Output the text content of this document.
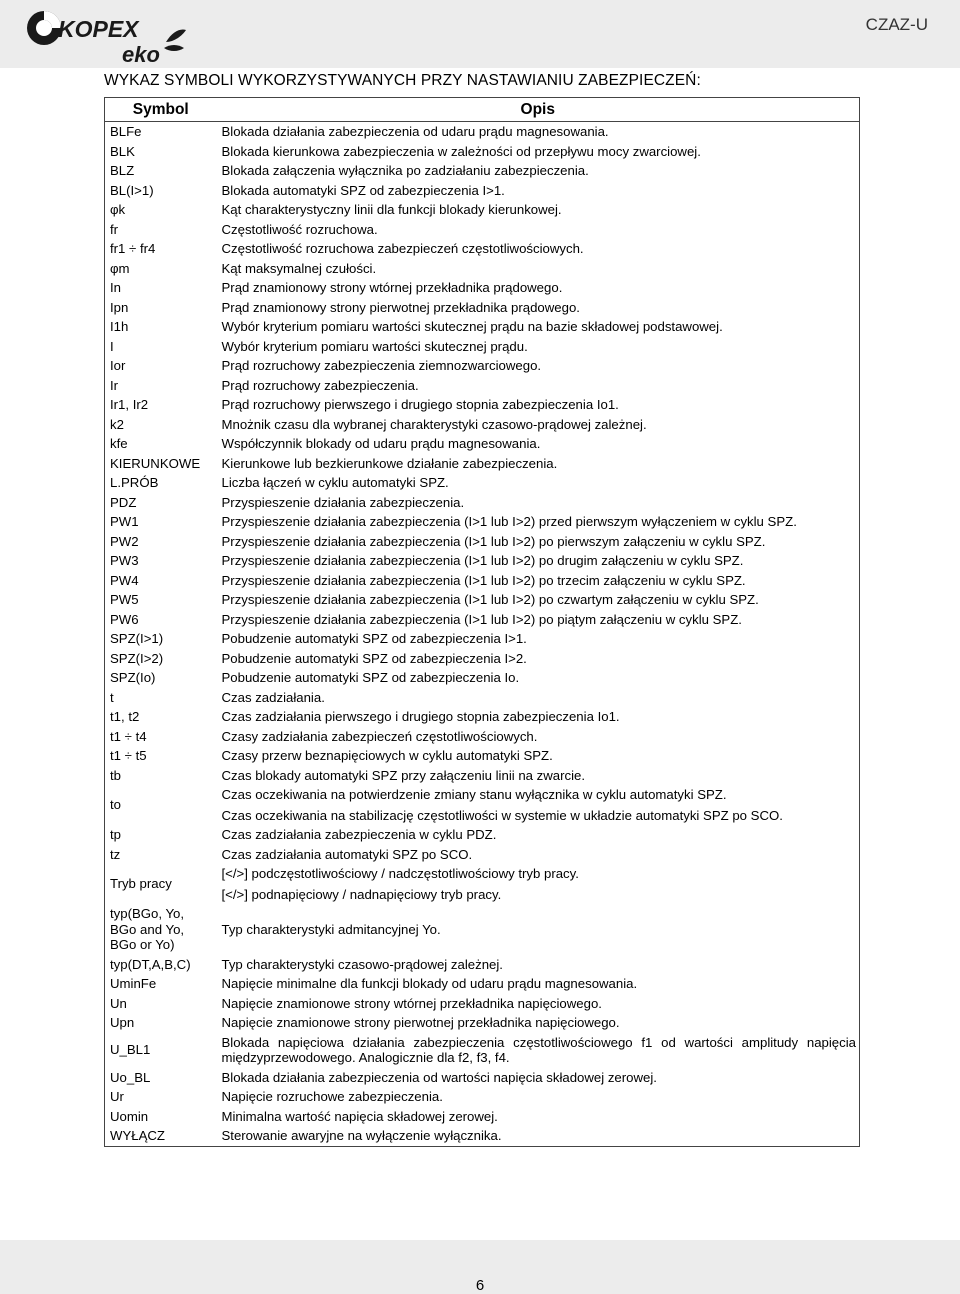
KOPEX
eko
CZAZ-U
WYKAZ SYMBOLI WYKORZYSTYWANYCH PRZY NASTAWIANIU ZABEZPIECZEŃ:
Symbol	Opis
BLFe	Blokada działania zabezpieczenia od udaru prądu magnesowania.

BLK	Blokada kierunkowa zabezpieczenia w zależności od przepływu mocy zwarciowej.

BLZ	Blokada załączenia wyłącznika po zadziałaniu zabezpieczenia.

BL(I>1)	Blokada automatyki SPZ od zabezpieczenia I>1.

φk	Kąt charakterystyczny linii dla funkcji blokady kierunkowej.

fr	Częstotliwość rozruchowa.

fr1 ÷ fr4	Częstotliwość rozruchowa zabezpieczeń częstotliwościowych.

φm	Kąt maksymalnej czułości.

In	Prąd znamionowy strony wtórnej przekładnika prądowego.

Ipn	Prąd znamionowy strony pierwotnej przekładnika prądowego.

I1h	Wybór kryterium pomiaru wartości skutecznej prądu na bazie składowej podstawowej.

I	Wybór kryterium pomiaru wartości skutecznej prądu.

Ior	Prąd rozruchowy zabezpieczenia ziemnozwarciowego.

Ir	Prąd rozruchowy zabezpieczenia.

Ir1, Ir2	Prąd rozruchowy pierwszego i drugiego stopnia zabezpieczenia Io1.

k2	Mnożnik czasu dla wybranej charakterystyki czasowo-prądowej zależnej.

kfe	Współczynnik blokady od udaru prądu magnesowania.

KIERUNKOWE	Kierunkowe lub bezkierunkowe działanie zabezpieczenia.

L.PRÓB	Liczba łączeń w cyklu automatyki SPZ.

PDZ	Przyspieszenie działania zabezpieczenia.

PW1	Przyspieszenie działania zabezpieczenia (I>1 lub I>2) przed pierwszym wyłączeniem w cyklu SPZ.

PW2	Przyspieszenie działania zabezpieczenia (I>1 lub I>2) po pierwszym załączeniu w cyklu SPZ.

PW3	Przyspieszenie działania zabezpieczenia (I>1 lub I>2) po drugim załączeniu w cyklu SPZ.

PW4	Przyspieszenie działania zabezpieczenia (I>1 lub I>2) po trzecim załączeniu w cyklu SPZ.

PW5	Przyspieszenie działania zabezpieczenia (I>1 lub I>2) po czwartym załączeniu w cyklu SPZ.

PW6	Przyspieszenie działania zabezpieczenia (I>1 lub I>2) po piątym załączeniu w cyklu SPZ.

SPZ(I>1)	Pobudzenie automatyki SPZ od zabezpieczenia I>1.

SPZ(I>2)	Pobudzenie automatyki SPZ od zabezpieczenia I>2.

SPZ(Io)	Pobudzenie automatyki SPZ od zabezpieczenia Io.

t	Czas zadziałania.

t1, t2	Czas zadziałania pierwszego i drugiego stopnia zabezpieczenia Io1.

t1 ÷ t4	Czasy zadziałania zabezpieczeń częstotliwościowych.

t1 ÷ t5	Czasy przerw beznapięciowych w cyklu automatyki SPZ.

tb	Czas blokady automatyki SPZ przy załączeniu linii na zwarcie.

to	Czas oczekiwania na potwierdzenie zmiany stanu wyłącznika w cyklu automatyki SPZ.
Czas oczekiwania na stabilizację częstotliwości w systemie w układzie automatyki SPZ po SCO.

tp	Czas zadziałania zabezpieczenia w cyklu PDZ.

tz	Czas zadziałania automatyki SPZ po SCO.

Tryb pracy	[</>] podczęstotliwościowy / nadczęstotliwościowy tryb pracy.
[</>] podnapięciowy / nadnapięciowy tryb pracy.

typ(BGo, Yo, BGo and Yo, BGo or Yo)	Typ charakterystyki admitancyjnej Yo.

typ(DT,A,B,C)	Typ charakterystyki czasowo-prądowej zależnej.

UminFe	Napięcie minimalne dla funkcji blokady od udaru prądu magnesowania.

Un	Napięcie znamionowe strony wtórnej przekładnika napięciowego.

Upn	Napięcie znamionowe strony pierwotnej przekładnika napięciowego.

U_BL1	Blokada napięciowa działania zabezpieczenia częstotliwościowego f1 od wartości amplitudy napięcia międzyprzewodowego. Analogicznie dla f2, f3, f4.

Uo_BL	Blokada działania zabezpieczenia od wartości napięcia składowej zerowej.

Ur	Napięcie rozruchowe zabezpieczenia.

Uomin	Minimalna wartość napięcia składowej zerowej.

WYŁĄCZ	Sterowanie awaryjne na wyłączenie wyłącznika.
6
